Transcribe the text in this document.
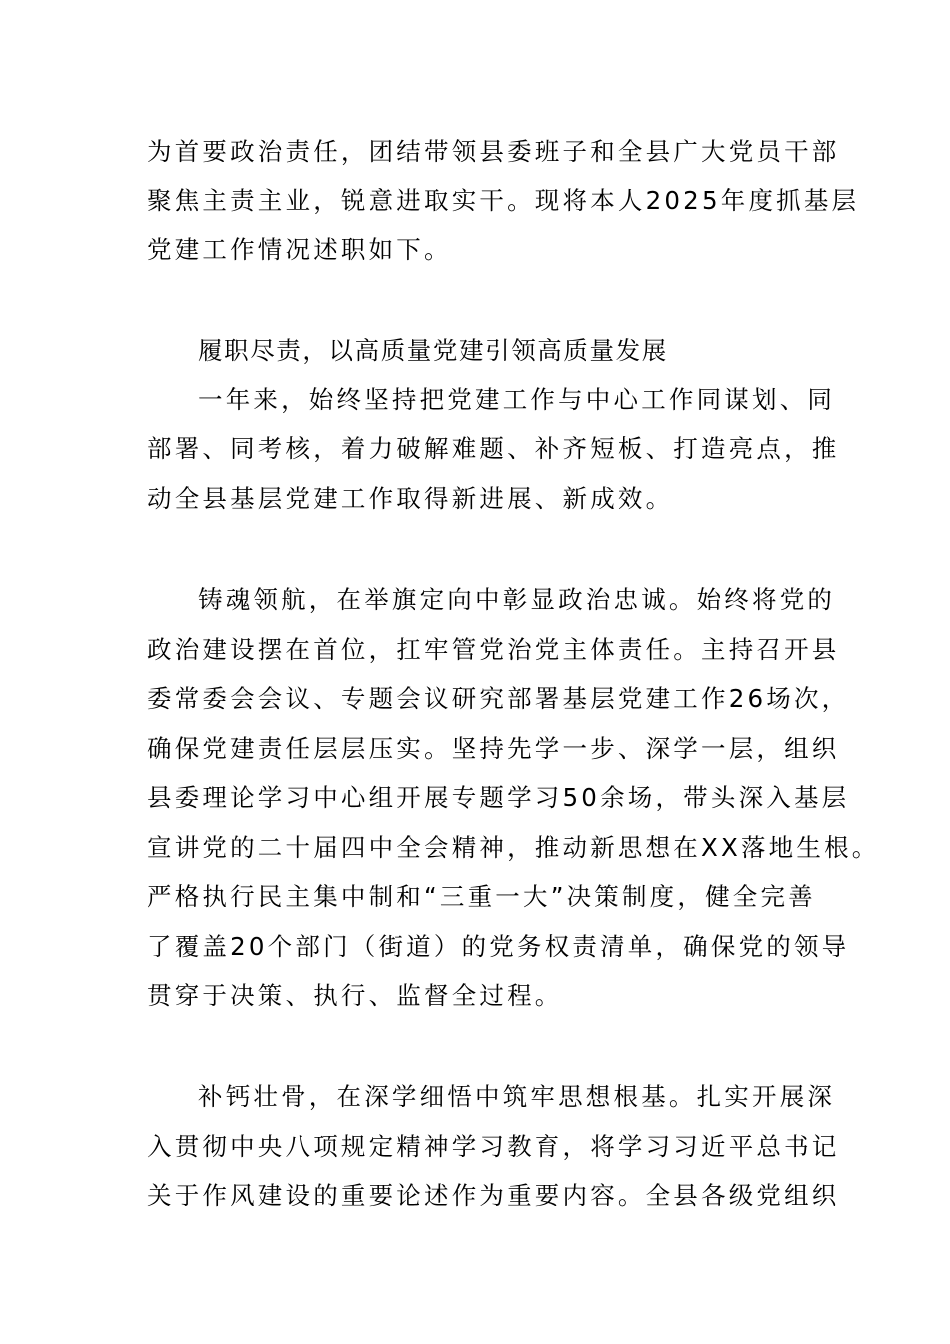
为首要政治责任，团结带领县委班子和全县广大党员干部
聚焦主责主业，锐意进取实干。现将本人2025年度抓基层
党建工作情况述职如下。
履职尽责，以高质量党建引领高质量发展
一年来，始终坚持把党建工作与中心工作同谋划、同
部署、同考核，着力破解难题、补齐短板、打造亮点，推
动全县基层党建工作取得新进展、新成效。
铸魂领航，在举旗定向中彰显政治忠诚。始终将党的
政治建设摆在首位，扛牢管党治党主体责任。主持召开县
委常委会会议、专题会议研究部署基层党建工作26场次，
确保党建责任层层压实。坚持先学一步、深学一层，组织
县委理论学习中心组开展专题学习50余场，带头深入基层
宣讲党的二十届四中全会精神，推动新思想在XX落地生根。
严格执行民主集中制和“三重一大”决策制度，健全完善
了覆盖20个部门（街道）的党务权责清单，确保党的领导
贯穿于决策、执行、监督全过程。
补钙壮骨，在深学细悟中筑牢思想根基。扎实开展深
入贯彻中央八项规定精神学习教育，将学习习近平总书记
关于作风建设的重要论述作为重要内容。全县各级党组织
